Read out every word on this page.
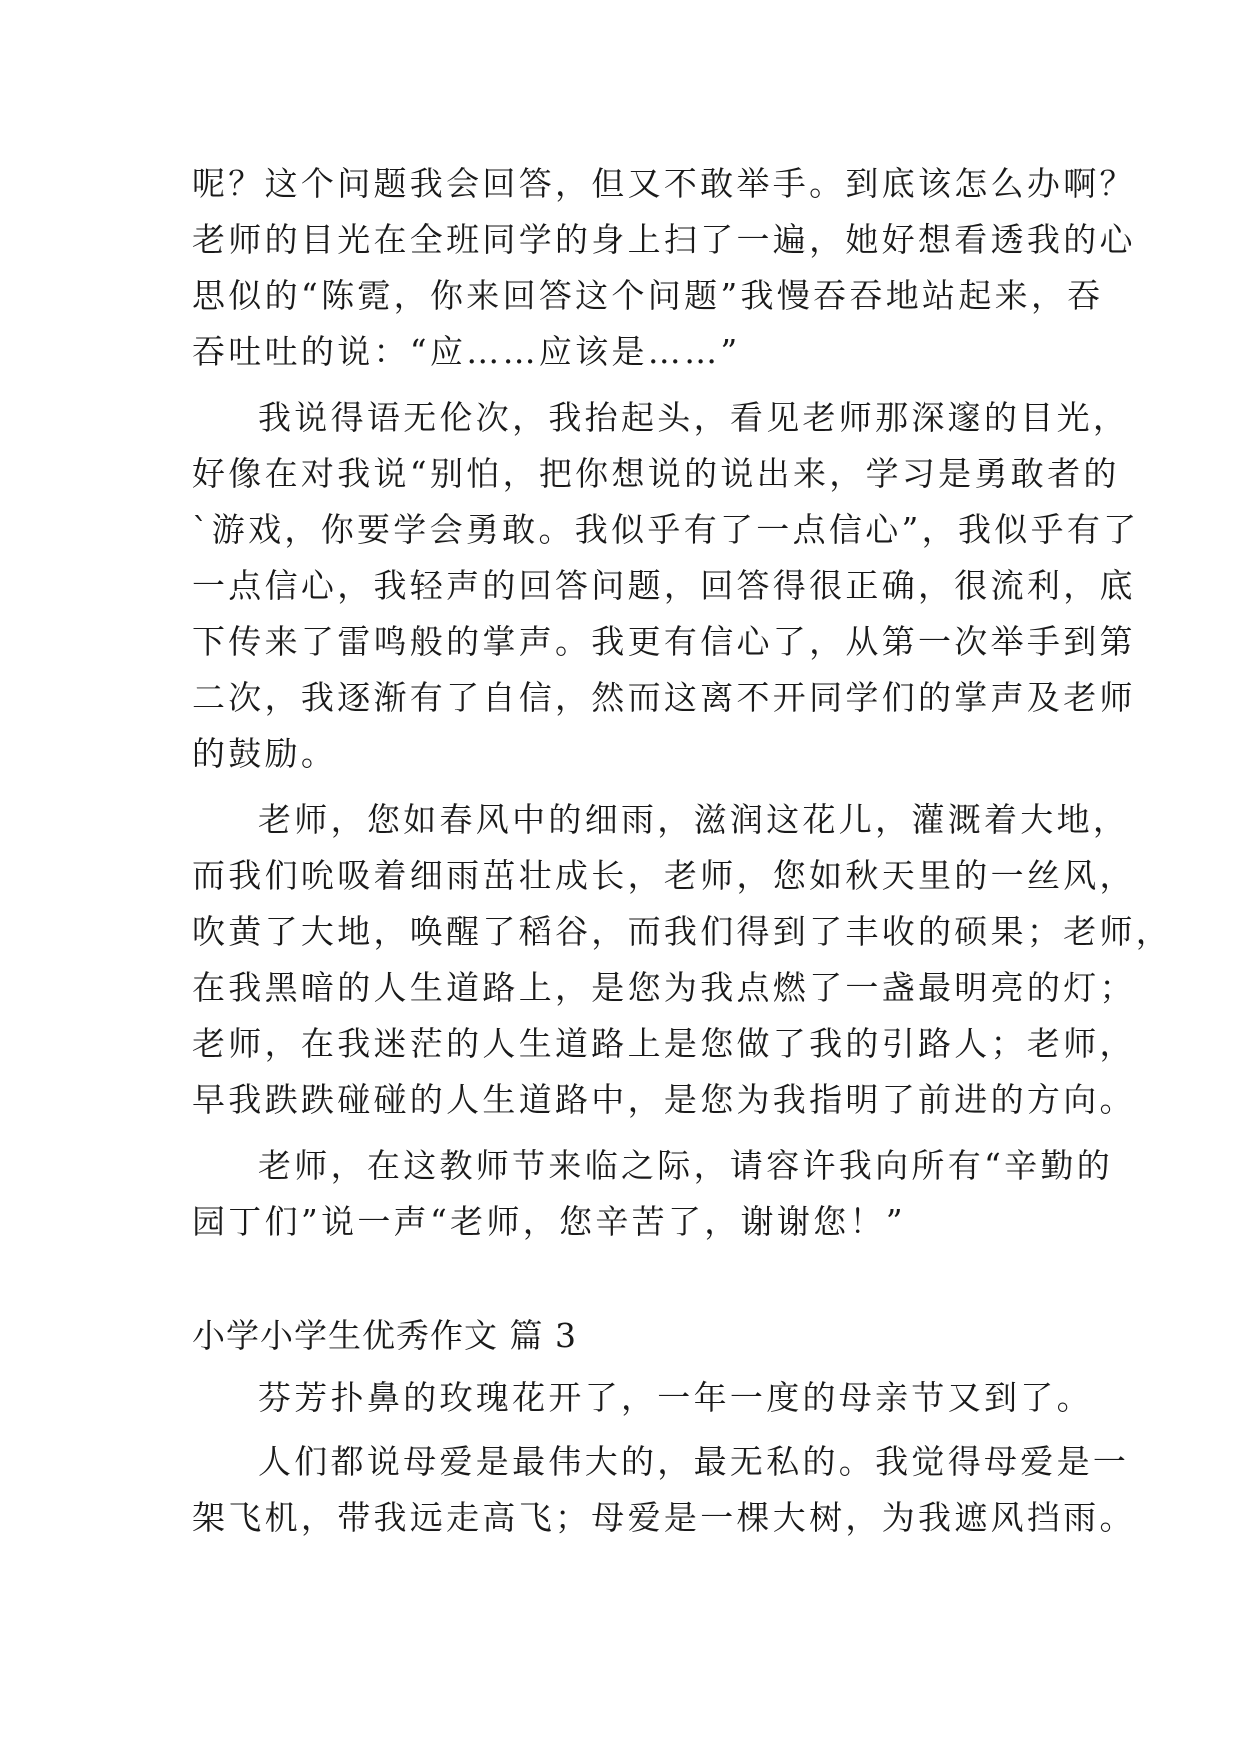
呢？这个问题我会回答，但又不敢举手。到底该怎么办啊？

老师的目光在全班同学的身上扫了一遍，她好想看透我的心

思似的“陈霓，你来回答这个问题”我慢吞吞地站起来，吞

吞吐吐的说：“应……应该是……”

我说得语无伦次，我抬起头，看见老师那深邃的目光，

好像在对我说“别怕，把你想说的说出来，学习是勇敢者的

`游戏，你要学会勇敢。我似乎有了一点信心”，我似乎有了

一点信心，我轻声的回答问题，回答得很正确，很流利，底

下传来了雷鸣般的掌声。我更有信心了，从第一次举手到第

二次，我逐渐有了自信，然而这离不开同学们的掌声及老师

的鼓励。

老师，您如春风中的细雨，滋润这花儿，灌溉着大地，

而我们吮吸着细雨茁壮成长，老师，您如秋天里的一丝风，

吹黄了大地，唤醒了稻谷，而我们得到了丰收的硕果；老师，

在我黑暗的人生道路上，是您为我点燃了一盏最明亮的灯；

老师，在我迷茫的人生道路上是您做了我的引路人；老师，

早我跌跌碰碰的人生道路中，是您为我指明了前进的方向。

老师，在这教师节来临之际，请容许我向所有“辛勤的

园丁们”说一声“老师，您辛苦了，谢谢您！”

小学小学生优秀作文 篇 3

芬芳扑鼻的玫瑰花开了，一年一度的母亲节又到了。

人们都说母爱是最伟大的，最无私的。我觉得母爱是一

架飞机，带我远走高飞；母爱是一棵大树，为我遮风挡雨。
